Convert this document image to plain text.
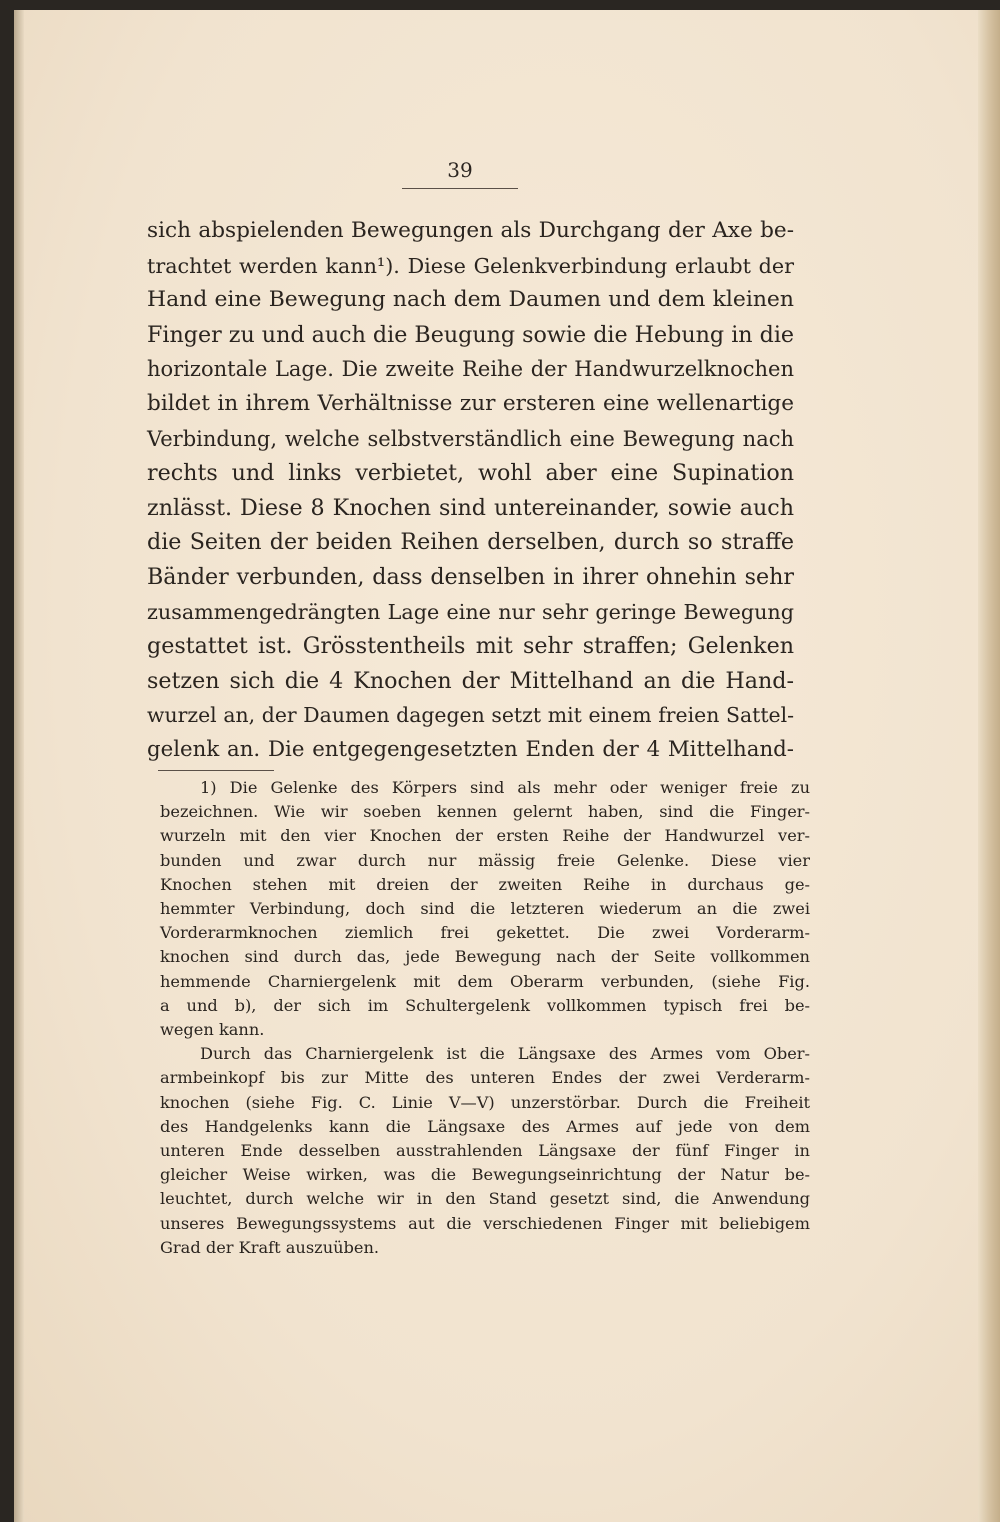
39
sich abspielenden Bewegungen als Durchgang der Axe be-
trachtet werden kann¹). Diese Gelenkverbindung erlaubt der
Hand eine Bewegung nach dem Daumen und dem kleinen
Finger zu und auch die Beugung sowie die Hebung in die
horizontale Lage. Die zweite Reihe der Handwurzelknochen
bildet in ihrem Verhältnisse zur ersteren eine wellenartige
Verbindung, welche selbstverständlich eine Bewegung nach
rechts und links verbietet, wohl aber eine Supination
znlässt. Diese 8 Knochen sind untereinander, sowie auch
die Seiten der beiden Reihen derselben, durch so straffe
Bänder verbunden, dass denselben in ihrer ohnehin sehr
zusammengedrängten Lage eine nur sehr geringe Bewegung
gestattet ist. Grösstentheils mit sehr straffen; Gelenken
setzen sich die 4 Knochen der Mittelhand an die Hand-
wurzel an, der Daumen dagegen setzt mit einem freien Sattel-
gelenk an. Die entgegengesetzten Enden der 4 Mittelhand-
1) Die Gelenke des Körpers sind als mehr oder weniger freie zu
bezeichnen. Wie wir soeben kennen gelernt haben, sind die Finger-
wurzeln mit den vier Knochen der ersten Reihe der Handwurzel ver-
bunden und zwar durch nur mässig freie Gelenke. Diese vier
Knochen stehen mit dreien der zweiten Reihe in durchaus ge-
hemmter Verbindung, doch sind die letzteren wiederum an die zwei
Vorderarmknochen ziemlich frei gekettet. Die zwei Vorderarm-
knochen sind durch das, jede Bewegung nach der Seite vollkommen
hemmende Charniergelenk mit dem Oberarm verbunden, (siehe Fig.
a und b), der sich im Schultergelenk vollkommen typisch frei be-
wegen kann.
Durch das Charniergelenk ist die Längsaxe des Armes vom Ober-
armbeinkopf bis zur Mitte des unteren Endes der zwei Verderarm-
knochen (siehe Fig. C. Linie V—V) unzerstörbar. Durch die Freiheit
des Handgelenks kann die Längsaxe des Armes auf jede von dem
unteren Ende desselben ausstrahlenden Längsaxe der fünf Finger in
gleicher Weise wirken, was die Bewegungseinrichtung der Natur be-
leuchtet, durch welche wir in den Stand gesetzt sind, die Anwendung
unseres Bewegungssystems aut die verschiedenen Finger mit beliebigem
Grad der Kraft auszuüben.
